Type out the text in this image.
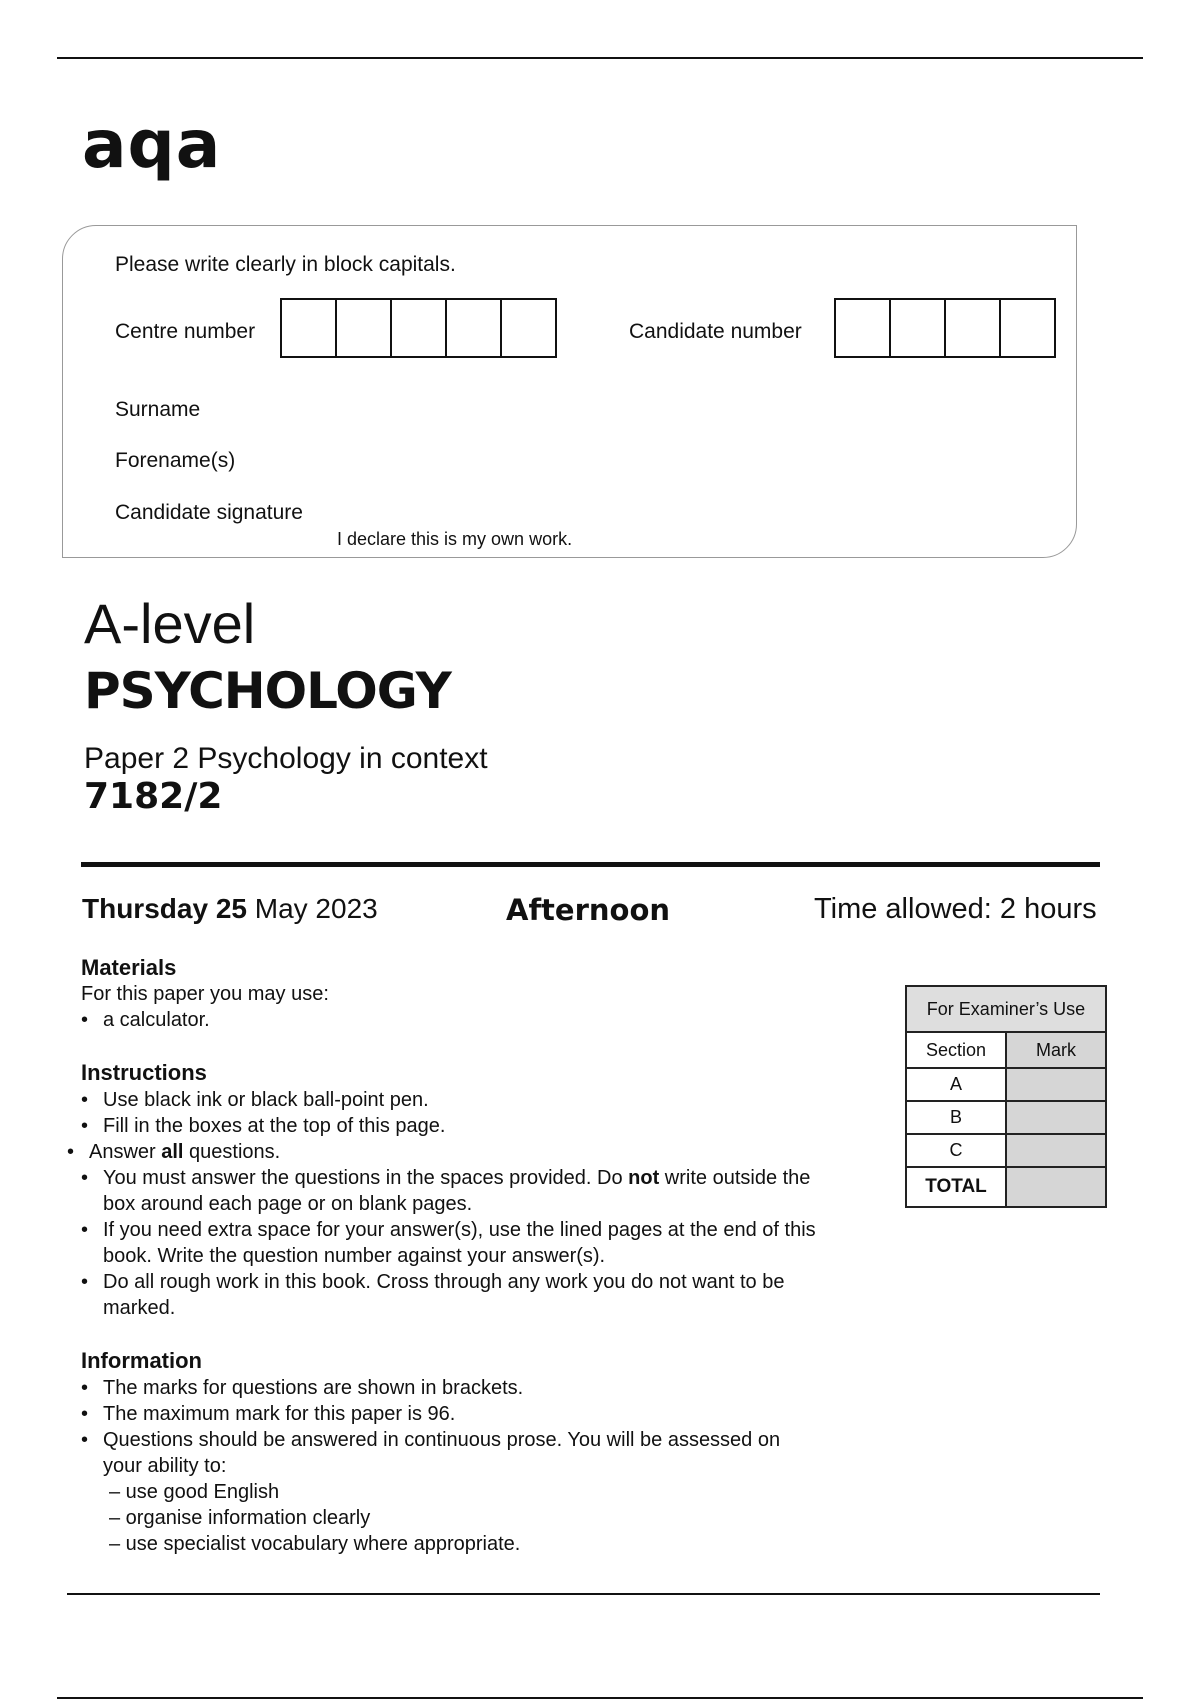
aqa
Please write clearly in block capitals.
Centre number	Candidate number
Surname
Forename(s)
Candidate signature
I declare this is my own work.
A-level
PSYCHOLOGY
Paper 2 Psychology in context
7182/2
Thursday 25 May 2023	Afternoon	Time allowed: 2 hours
Materials
For this paper you may use:
• a calculator.
Instructions
• Use black ink or black ball-point pen.
• Fill in the boxes at the top of this page.
• Answer all questions.
• You must answer the questions in the spaces provided. Do not write outside the box around each page or on blank pages.
• If you need extra space for your answer(s), use the lined pages at the end of this book. Write the question number against your answer(s).
• Do all rough work in this book. Cross through any work you do not want to be marked.
Information
• The marks for questions are shown in brackets.
• The maximum mark for this paper is 96.
• Questions should be answered in continuous prose. You will be assessed on your ability to:
– use good English
– organise information clearly
– use specialist vocabulary where appropriate.
For Examiner’s Use	
Section	Mark
A	
B	
C	
TOTAL	
